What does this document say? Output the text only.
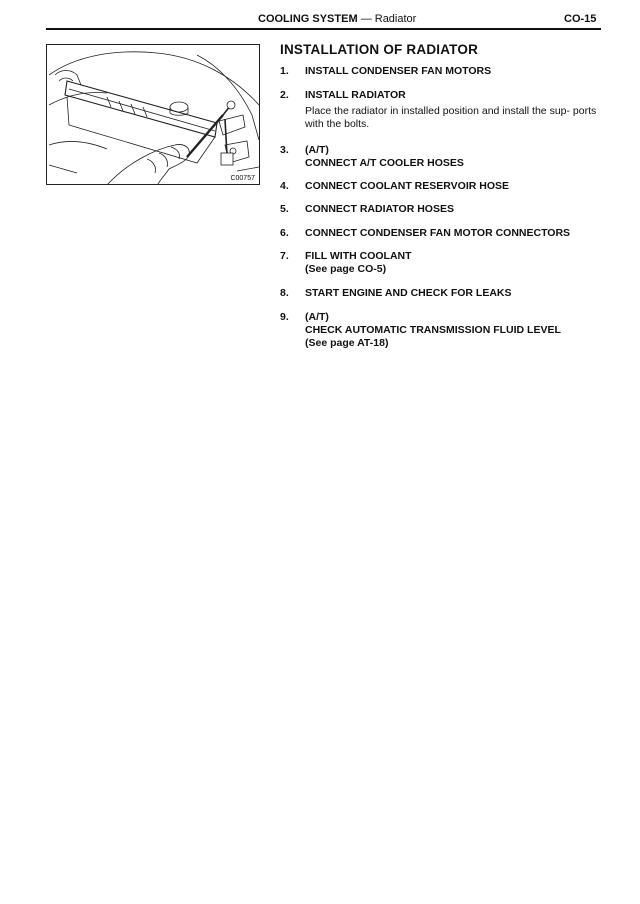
COOLING SYSTEM — Radiator	CO-15
C00757
INSTALLATION OF RADIATOR
1. INSTALL CONDENSER FAN MOTORS
2. INSTALL RADIATOR
Place the radiator in installed position and install the sup- ports with the bolts.
3. (A/T)
CONNECT A/T COOLER HOSES
4. CONNECT COOLANT RESERVOIR HOSE
5. CONNECT RADIATOR HOSES
6. CONNECT CONDENSER FAN MOTOR CONNECTORS
7. FILL WITH COOLANT
(See page CO-5)
8. START ENGINE AND CHECK FOR LEAKS
9. (A/T)
CHECK AUTOMATIC TRANSMISSION FLUID LEVEL
(See page AT-18)
